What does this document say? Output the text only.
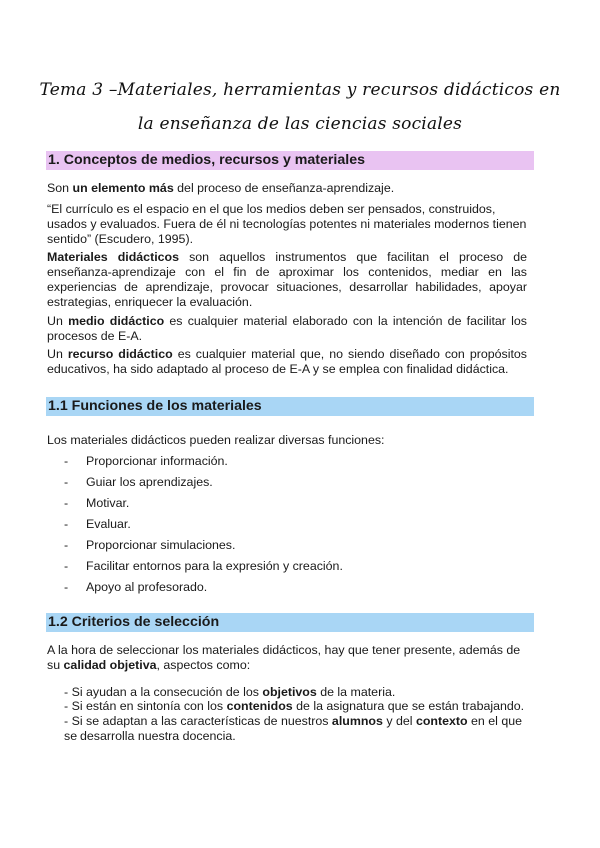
Tema 3 –Materiales, herramientas y recursos didácticos en
la enseñanza de las ciencias sociales
1. Conceptos de medios, recursos y materiales
Son un elemento más del proceso de enseñanza-aprendizaje.
“El currículo es el espacio en el que los medios deben ser pensados, construidos, usados y evaluados. Fuera de él ni tecnologías potentes ni materiales modernos tienen sentido” (Escudero, 1995).
Materiales didácticos son aquellos instrumentos que facilitan el proceso de enseñanza-aprendizaje con el fin de aproximar los contenidos, mediar en las experiencias de aprendizaje, provocar situaciones, desarrollar habilidades, apoyar estrategias, enriquecer la evaluación.
Un medio didáctico es cualquier material elaborado con la intención de facilitar los procesos de E-A.
Un recurso didáctico es cualquier material que, no siendo diseñado con propósitos educativos, ha sido adaptado al proceso de E-A y se emplea con finalidad didáctica.
1.1 Funciones de los materiales
Los materiales didácticos pueden realizar diversas funciones:
- Proporcionar información.
- Guiar los aprendizajes.
- Motivar.
- Evaluar.
- Proporcionar simulaciones.
- Facilitar entornos para la expresión y creación.
- Apoyo al profesorado.
1.2 Criterios de selección
A la hora de seleccionar los materiales didácticos, hay que tener presente, además de su calidad objetiva, aspectos como:
- Si ayudan a la consecución de los objetivos de la materia.
- Si están en sintonía con los contenidos de la asignatura que se están trabajando.
- Si se adaptan a las características de nuestros alumnos y del contexto en el que se desarrolla nuestra docencia.
